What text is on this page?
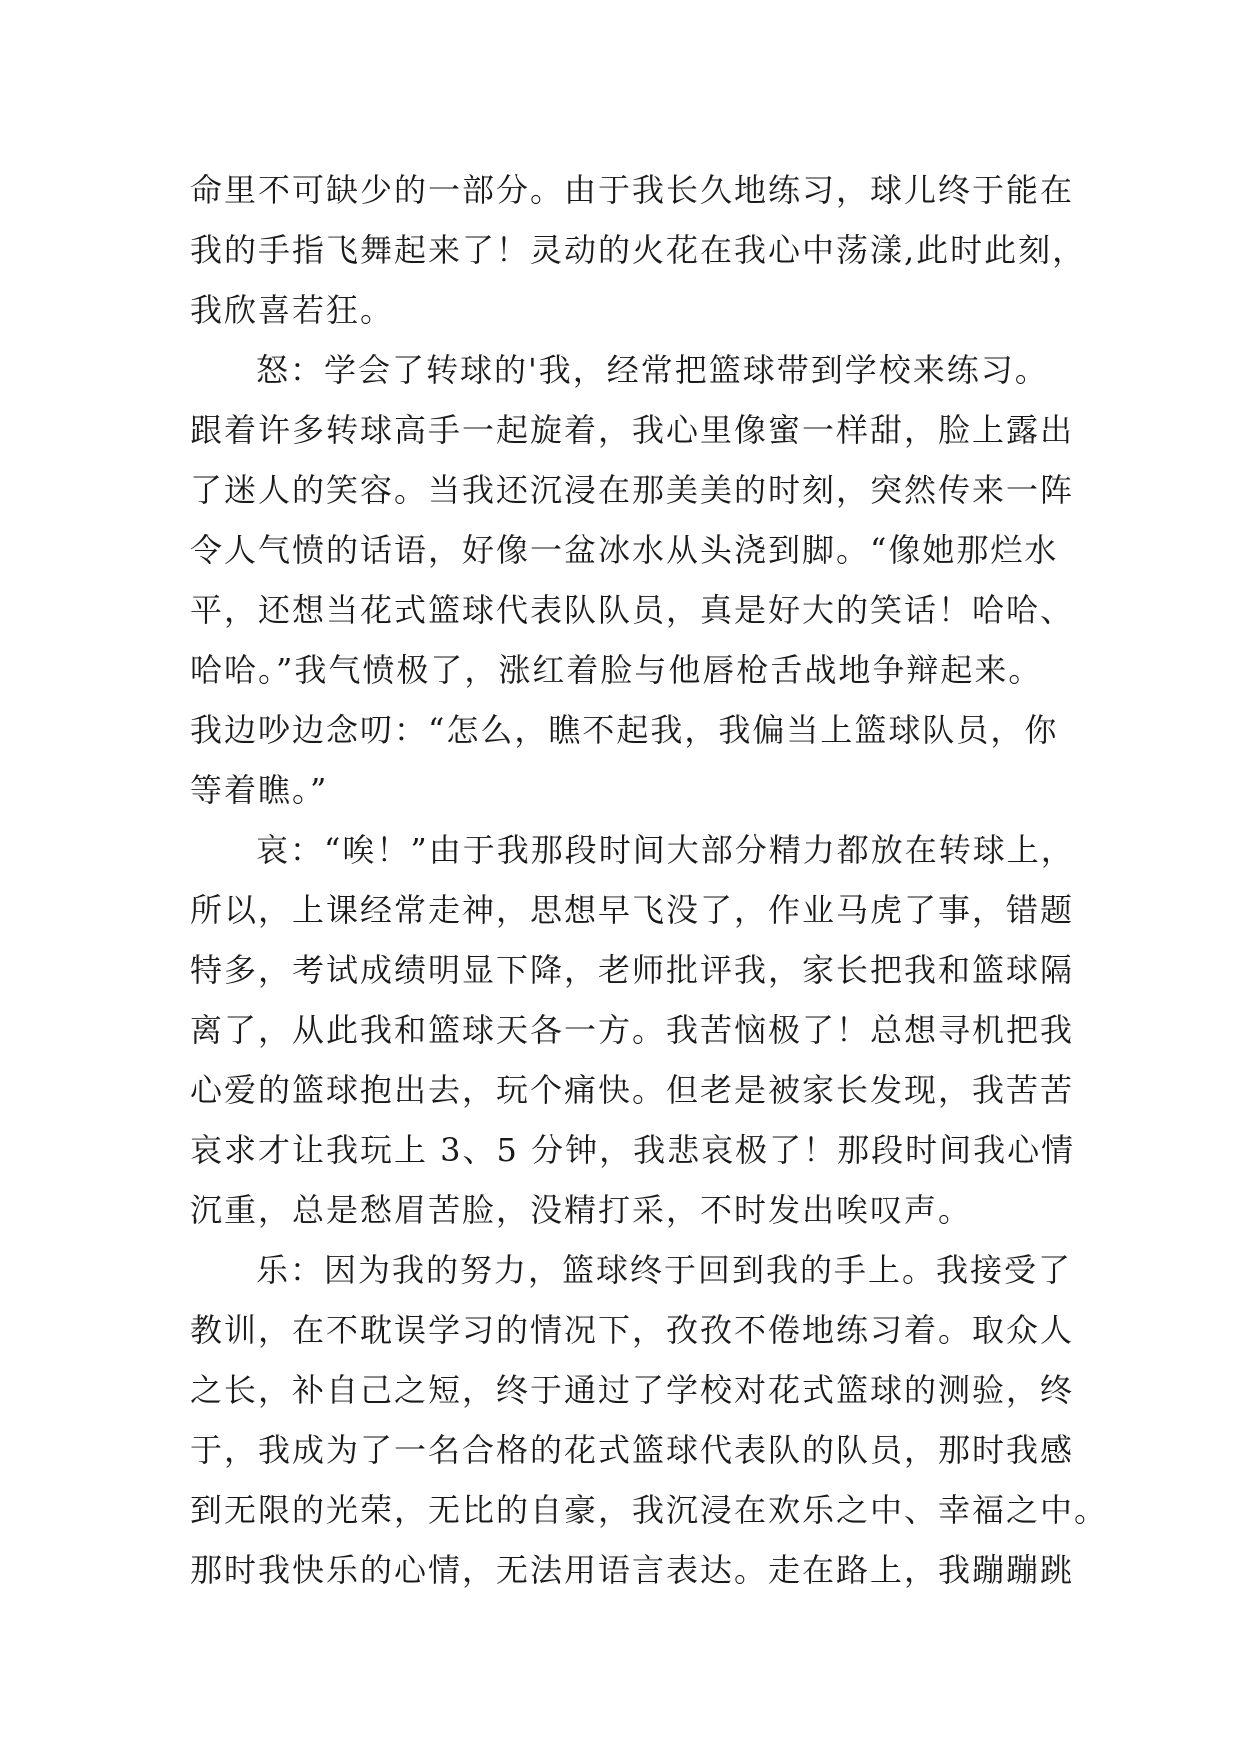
命里不可缺少的一部分。由于我长久地练习，球儿终于能在
我的手指飞舞起来了！灵动的火花在我心中荡漾,此时此刻，
我欣喜若狂。
怒：学会了转球的'我，经常把篮球带到学校来练习。
跟着许多转球高手一起旋着，我心里像蜜一样甜，脸上露出
了迷人的笑容。当我还沉浸在那美美的时刻，突然传来一阵
令人气愤的话语，好像一盆冰水从头浇到脚。“像她那烂水
平，还想当花式篮球代表队队员，真是好大的笑话！哈哈、
哈哈。”我气愤极了，涨红着脸与他唇枪舌战地争辩起来。
我边吵边念叨：“怎么，瞧不起我，我偏当上篮球队员，你
等着瞧。”
哀：“唉！”由于我那段时间大部分精力都放在转球上，
所以，上课经常走神，思想早飞没了，作业马虎了事，错题
特多，考试成绩明显下降，老师批评我，家长把我和篮球隔
离了，从此我和篮球天各一方。我苦恼极了！总想寻机把我
心爱的篮球抱出去，玩个痛快。但老是被家长发现，我苦苦
哀求才让我玩上 3、5 分钟，我悲哀极了！那段时间我心情
沉重，总是愁眉苦脸，没精打采，不时发出唉叹声。
乐：因为我的努力，篮球终于回到我的手上。我接受了
教训，在不耽误学习的情况下，孜孜不倦地练习着。取众人
之长，补自己之短，终于通过了学校对花式篮球的测验，终
于，我成为了一名合格的花式篮球代表队的队员，那时我感
到无限的光荣，无比的自豪，我沉浸在欢乐之中、幸福之中。
那时我快乐的心情，无法用语言表达。走在路上，我蹦蹦跳
